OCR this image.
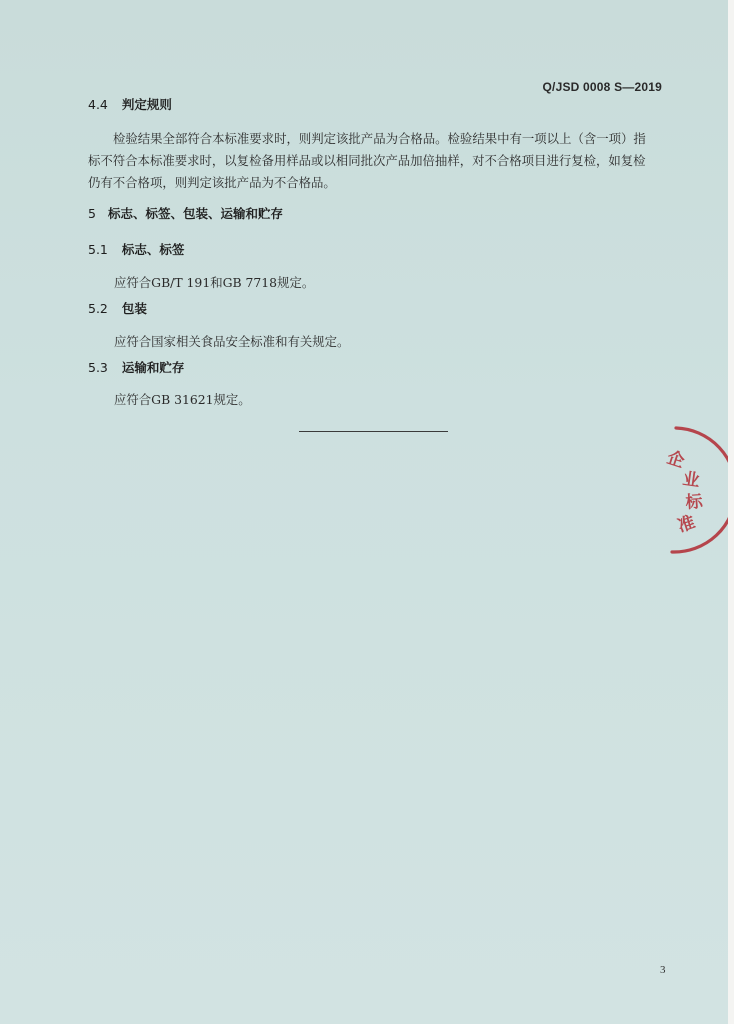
Q/JSD 0008 S—2019
4.4 判定规则
检验结果全部符合本标准要求时，则判定该批产品为合格品。检验结果中有一项以上（含一项）指
标不符合本标准要求时，以复检备用样品或以相同批次产品加倍抽样，对不合格项目进行复检，如复检
仍有不合格项，则判定该批产品为不合格品。
5 标志、标签、包装、运输和贮存
5.1 标志、标签
应符合GB/T 191和GB 7718规定。
5.2 包装
应符合国家相关食品安全标准和有关规定。
5.3 运输和贮存
应符合GB 31621规定。
企
业
标
准
3
